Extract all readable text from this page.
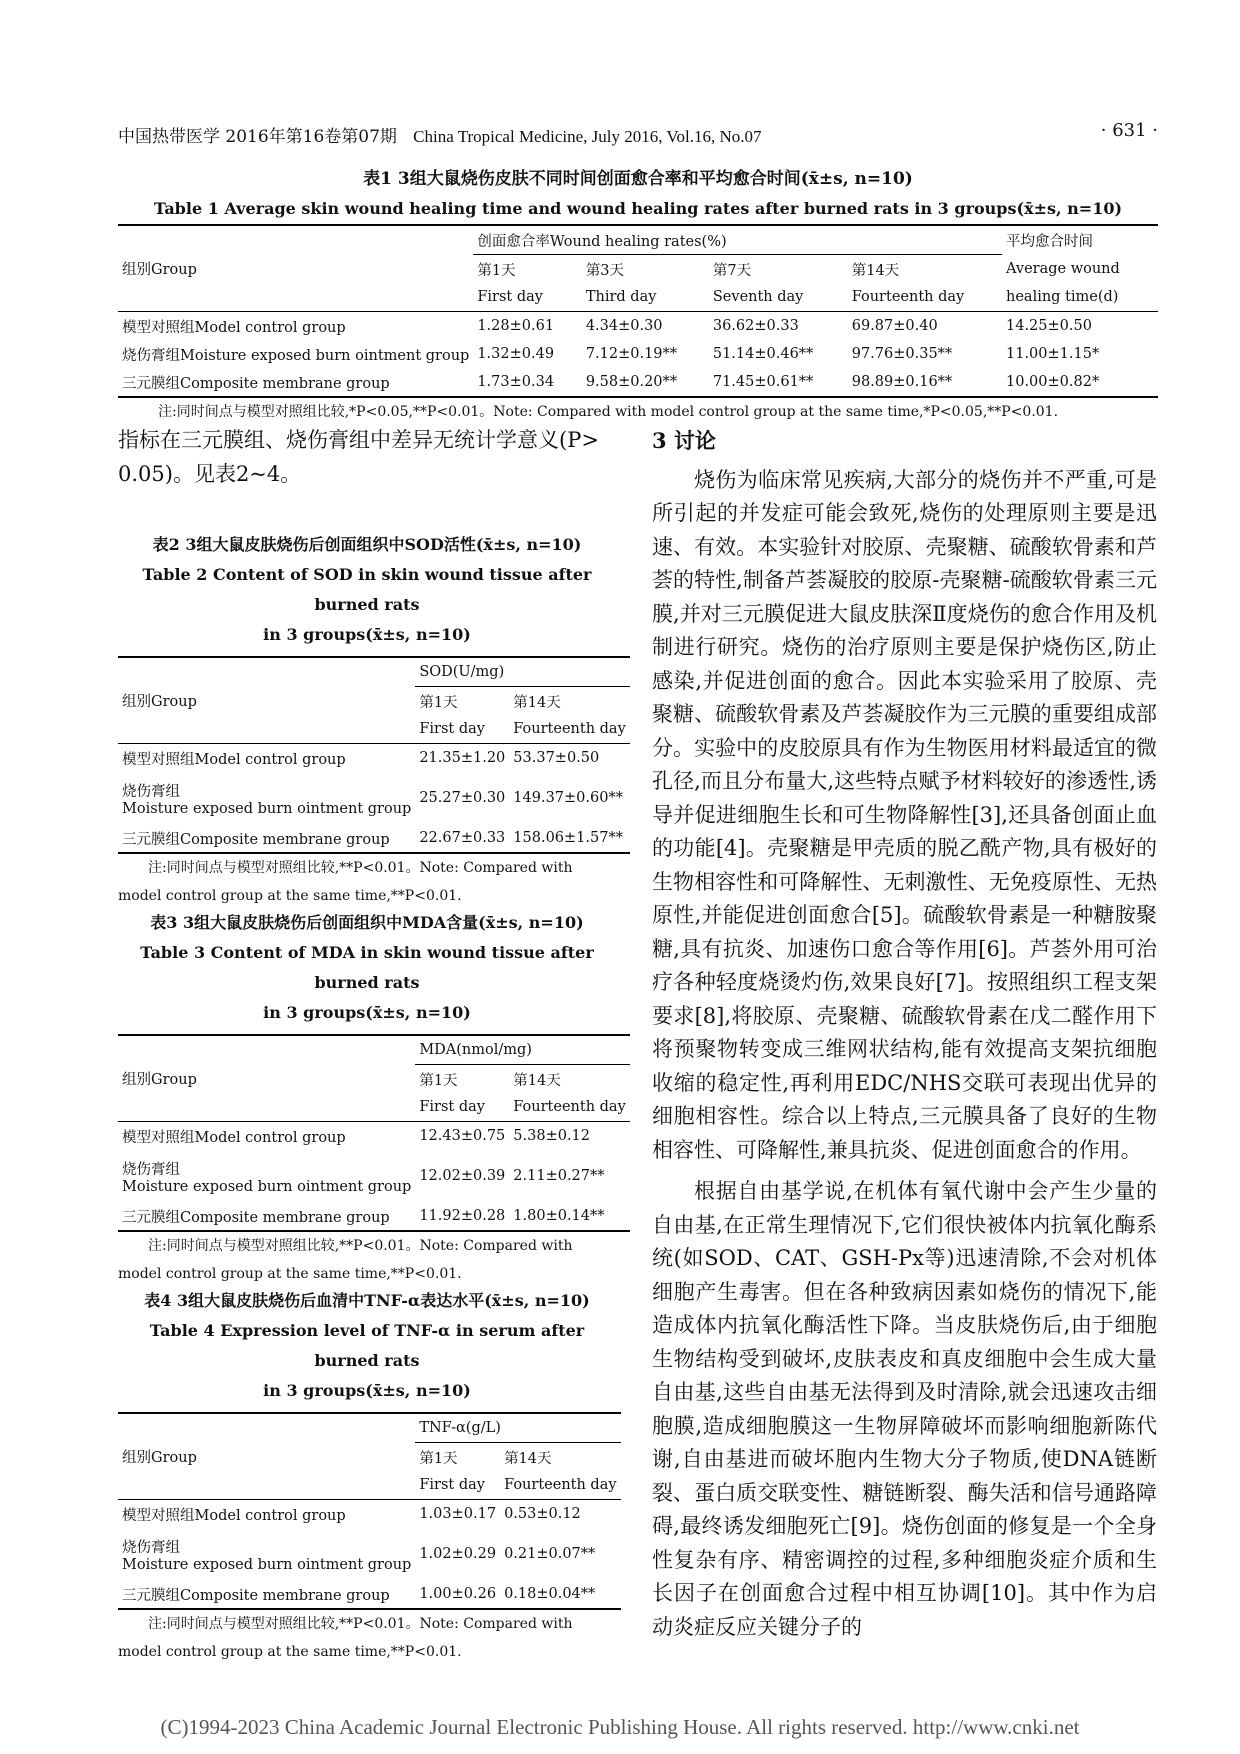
中国热带医学 2016年第16卷第07期 China Tropical Medicine, July 2016, Vol.16, No.07	· 631 ·
表1 3组大鼠烧伤皮肤不同时间创面愈合率和平均愈合时间(x̄±s, n=10)
Table 1 Average skin wound healing time and wound healing rates after burned rats in 3 groups(x̄±s, n=10)
组别Group	创面愈合率Wound healing rates(%)				平均愈合时间
	第1天	第3天	第7天	第14天	Average wound
	First day	Third day	Seventh day	Fourteenth day	healing time(d)
模型对照组Model control group	1.28±0.61	4.34±0.30	36.62±0.33	69.87±0.40	14.25±0.50
烧伤膏组Moisture exposed burn ointment group	1.32±0.49	7.12±0.19**	51.14±0.46**	97.76±0.35**	11.00±1.15*
三元膜组Composite membrane group	1.73±0.34	9.58±0.20**	71.45±0.61**	98.89±0.16**	10.00±0.82*
注:同时间点与模型对照组比较,*P<0.05,**P<0.01。Note: Compared with model control group at the same time,*P<0.05,**P<0.01.
指标在三元膜组、烧伤膏组中差异无统计学意义(P>
0.05)。见表2~4。
表2 3组大鼠皮肤烧伤后创面组织中SOD活性(x̄±s, n=10)
Table 2 Content of SOD in skin wound tissue after burned rats
in 3 groups(x̄±s, n=10)
组别Group	SOD(U/mg)	
	第1天	第14天
	First day	Fourteenth day
模型对照组Model control group	21.35±1.20	53.37±0.50

烧伤膏组
Moisture exposed burn ointment group	25.27±0.30	149.37±0.60**
三元膜组Composite membrane group	22.67±0.33	158.06±1.57**
注:同时间点与模型对照组比较,**P<0.01。Note: Compared with
model control group at the same time,**P<0.01.
表3 3组大鼠皮肤烧伤后创面组织中MDA含量(x̄±s, n=10)
Table 3 Content of MDA in skin wound tissue after burned rats
in 3 groups(x̄±s, n=10)
组别Group	MDA(nmol/mg)	
	第1天	第14天
	First day	Fourteenth day
模型对照组Model control group	12.43±0.75	5.38±0.12

烧伤膏组
Moisture exposed burn ointment group	12.02±0.39	2.11±0.27**
三元膜组Composite membrane group	11.92±0.28	1.80±0.14**
注:同时间点与模型对照组比较,**P<0.01。Note: Compared with
model control group at the same time,**P<0.01.
表4 3组大鼠皮肤烧伤后血清中TNF-α表达水平(x̄±s, n=10)
Table 4 Expression level of TNF-α in serum after burned rats
in 3 groups(x̄±s, n=10)
组别Group	TNF-α(g/L)	
	第1天	第14天
	First day	Fourteenth day
模型对照组Model control group	1.03±0.17	0.53±0.12

烧伤膏组
Moisture exposed burn ointment group	1.02±0.29	0.21±0.07**
三元膜组Composite membrane group	1.00±0.26	0.18±0.04**
注:同时间点与模型对照组比较,**P<0.01。Note: Compared with
model control group at the same time,**P<0.01.
3 讨论

烧伤为临床常见疾病,大部分的烧伤并不严重,可是所引起的并发症可能会致死,烧伤的处理原则主要是迅速、有效。本实验针对胶原、壳聚糖、硫酸软骨素和芦荟的特性,制备芦荟凝胶的胶原-壳聚糖-硫酸软骨素三元膜,并对三元膜促进大鼠皮肤深Ⅱ度烧伤的愈合作用及机制进行研究。烧伤的治疗原则主要是保护烧伤区,防止感染,并促进创面的愈合。因此本实验采用了胶原、壳聚糖、硫酸软骨素及芦荟凝胶作为三元膜的重要组成部分。实验中的皮胶原具有作为生物医用材料最适宜的微孔径,而且分布量大,这些特点赋予材料较好的渗透性,诱导并促进细胞生长和可生物降解性[3],还具备创面止血的功能[4]。壳聚糖是甲壳质的脱乙酰产物,具有极好的生物相容性和可降解性、无刺激性、无免疫原性、无热原性,并能促进创面愈合[5]。硫酸软骨素是一种糖胺聚糖,具有抗炎、加速伤口愈合等作用[6]。芦荟外用可治疗各种轻度烧烫灼伤,效果良好[7]。按照组织工程支架要求[8],将胶原、壳聚糖、硫酸软骨素在戊二醛作用下将预聚物转变成三维网状结构,能有效提高支架抗细胞收缩的稳定性,再利用EDC/NHS交联可表现出优异的细胞相容性。综合以上特点,三元膜具备了良好的生物相容性、可降解性,兼具抗炎、促进创面愈合的作用。

根据自由基学说,在机体有氧代谢中会产生少量的自由基,在正常生理情况下,它们很快被体内抗氧化酶系统(如SOD、CAT、GSH-Px等)迅速清除,不会对机体细胞产生毒害。但在各种致病因素如烧伤的情况下,能造成体内抗氧化酶活性下降。当皮肤烧伤后,由于细胞生物结构受到破坏,皮肤表皮和真皮细胞中会生成大量自由基,这些自由基无法得到及时清除,就会迅速攻击细胞膜,造成细胞膜这一生物屏障破坏而影响细胞新陈代谢,自由基进而破坏胞内生物大分子物质,使DNA链断裂、蛋白质交联变性、糖链断裂、酶失活和信号通路障碍,最终诱发细胞死亡[9]。烧伤创面的修复是一个全身性复杂有序、精密调控的过程,多种细胞炎症介质和生长因子在创面愈合过程中相互协调[10]。其中作为启动炎症反应关键分子的

(C)1994-2023 China Academic Journal Electronic Publishing House. All rights reserved. http://www.cnki.net
